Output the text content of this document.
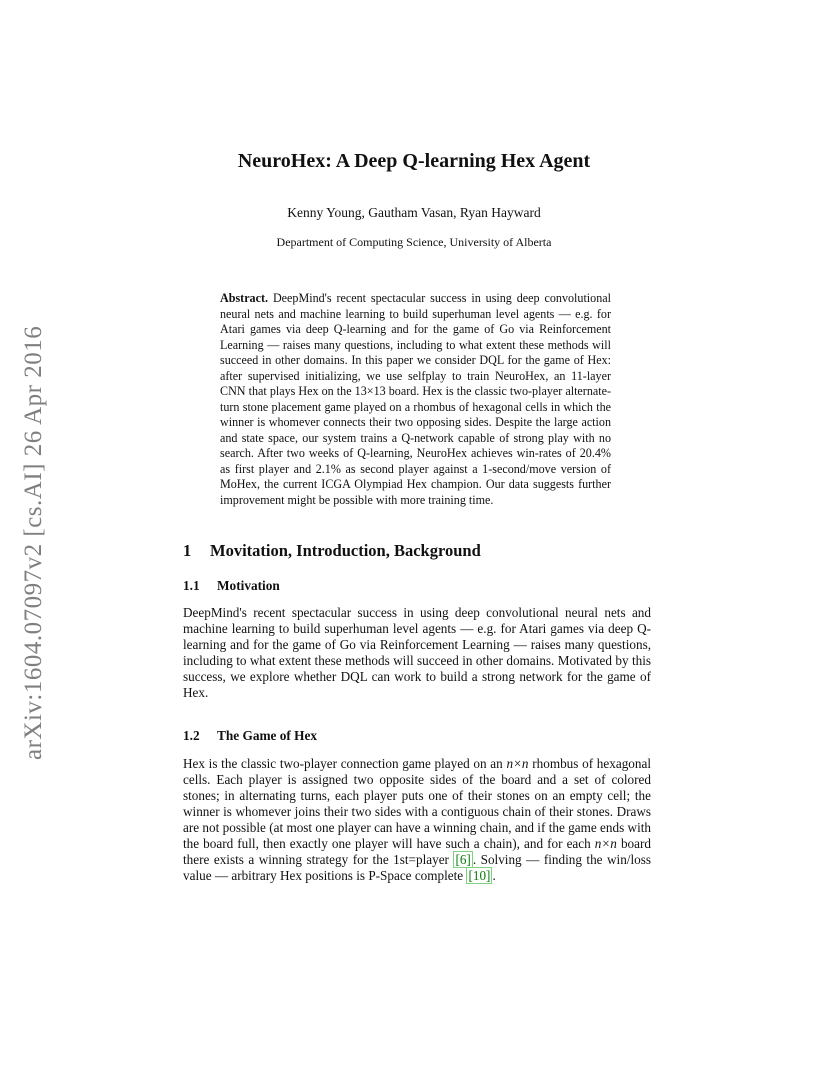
arXiv:1604.07097v2 [cs.AI] 26 Apr 2016
NeuroHex: A Deep Q-learning Hex Agent
Kenny Young, Gautham Vasan, Ryan Hayward
Department of Computing Science, University of Alberta
Abstract. DeepMind's recent spectacular success in using deep convolutional neural nets and machine learning to build superhuman level agents — e.g. for Atari games via deep Q-learning and for the game of Go via Reinforcement Learning — raises many questions, including to what extent these methods will succeed in other domains. In this paper we consider DQL for the game of Hex: after supervised initializing, we use selfplay to train NeuroHex, an 11-layer CNN that plays Hex on the 13×13 board. Hex is the classic two-player alternate-turn stone placement game played on a rhombus of hexagonal cells in which the winner is whomever connects their two opposing sides. Despite the large action and state space, our system trains a Q-network capable of strong play with no search. After two weeks of Q-learning, NeuroHex achieves win-rates of 20.4% as first player and 2.1% as second player against a 1-second/move version of MoHex, the current ICGA Olympiad Hex champion. Our data suggests further improvement might be possible with more training time.
1 Movitation, Introduction, Background
1.1 Motivation
DeepMind's recent spectacular success in using deep convolutional neural nets and machine learning to build superhuman level agents — e.g. for Atari games via deep Q-learning and for the game of Go via Reinforcement Learning — raises many questions, including to what extent these methods will succeed in other domains. Motivated by this success, we explore whether DQL can work to build a strong network for the game of Hex.
1.2 The Game of Hex
Hex is the classic two-player connection game played on an n×n rhombus of hexagonal cells. Each player is assigned two opposite sides of the board and a set of colored stones; in alternating turns, each player puts one of their stones on an empty cell; the winner is whomever joins their two sides with a contiguous chain of their stones. Draws are not possible (at most one player can have a winning chain, and if the game ends with the board full, then exactly one player will have such a chain), and for each n×n board there exists a winning strategy for the 1st=player [6] . Solving — finding the win/loss value — arbitrary Hex positions is P-Space complete [10] .
